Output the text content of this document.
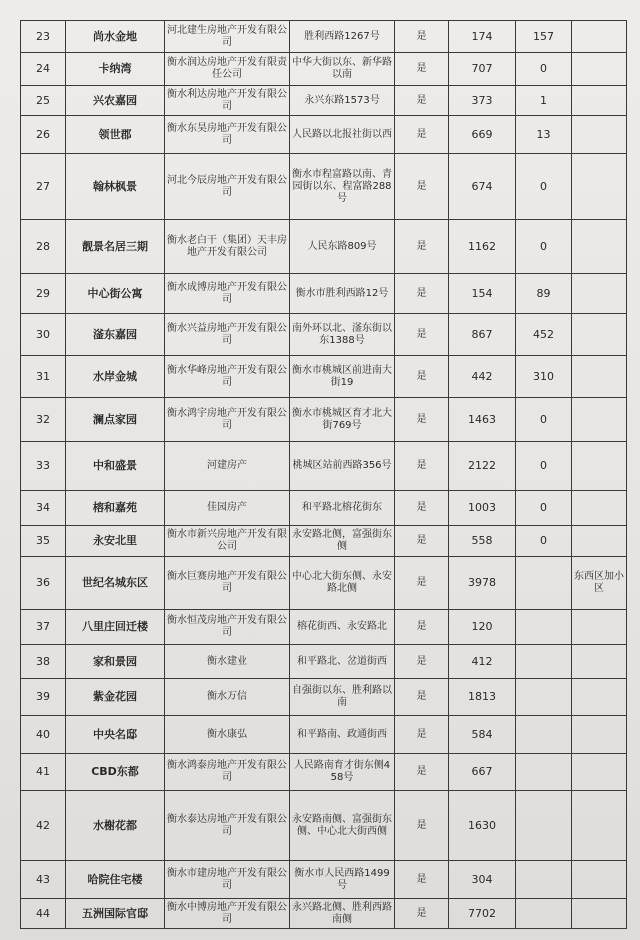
23	尚水金地	河北建生房地产开发有限公司	胜利西路1267号	是	174	157	
24	卡纳湾	衡水润达房地产开发有限责任公司	中华大街以东、新华路以南	是	707	0	
25	兴农嘉园	衡水利达房地产开发有限公司	永兴东路1573号	是	373	1	
26	领世郡	衡水东昊房地产开发有限公司	人民路以北报社街以西	是	669	13	
27	翰林枫景	河北今辰房地产开发有限公司	衡水市程富路以南、青园街以东、程富路288号	是	674	0	
28	靓景名居三期	衡水老白干（集团）天丰房地产开发有限公司	人民东路809号	是	1162	0	
29	中心街公寓	衡水成博房地产开发有限公司	衡水市胜利西路12号	是	154	89	
30	滏东嘉园	衡水兴益房地产开发有限公司	南外环以北、滏东街以东1388号	是	867	452	
31	水岸金城	衡水华峰房地产开发有限公司	衡水市桃城区前进南大街19	是	442	310	
32	澜点家园	衡水鸿宇房地产开发有限公司	衡水市桃城区育才北大街769号	是	1463	0	
33	中和盛景	河建房产	桃城区站前西路356号	是	2122	0	
34	榕和嘉苑	佳园房产	和平路北榕花街东	是	1003	0	
35	永安北里	衡水市新兴房地产开发有限公司	永安路北侧，富强街东侧	是	558	0	
36	世纪名城东区	衡水巨赛房地产开发有限公司	中心北大街东侧、永安路北侧	是	3978		东西区加小区
37	八里庄回迁楼	衡水恒茂房地产开发有限公司	榕花街西、永安路北	是	120		
38	家和景园	衡水建业	和平路北、岔道街西	是	412		
39	紫金花园	衡水万信	自强街以东、胜利路以南	是	1813		
40	中央名邸	衡水康弘	和平路南、政通街西	是	584		
41	CBD东都	衡水鸿泰房地产开发有限公司	人民路南育才街东侧458号	是	667		
42	水榭花都	衡水泰达房地产开发有限公司	永安路南侧、富强街东侧、中心北大街西侧	是	1630		
43	哈院住宅楼	衡水市建房地产开发有限公司	衡水市人民西路1499号	是	304		
44	五洲国际官邸	衡水中博房地产开发有限公司	永兴路北侧、胜利西路南侧	是	7702		
